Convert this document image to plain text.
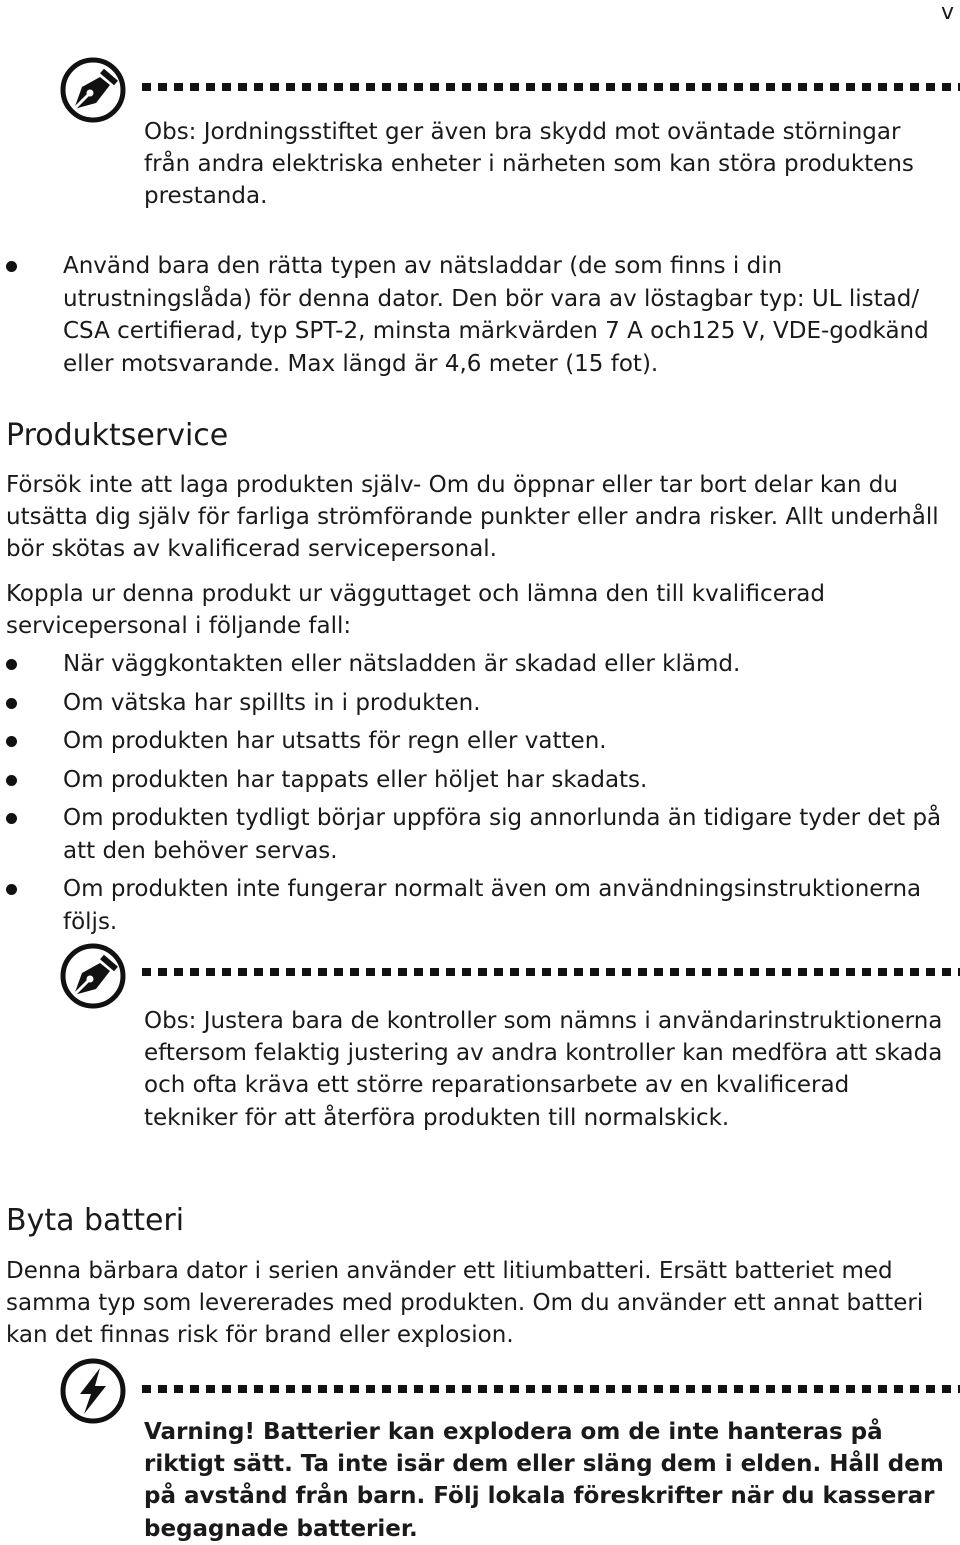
v
Obs: Jordningsstiftet ger även bra skydd mot oväntade störningar från andra elektriska enheter i närheten som kan störa produktens prestanda.
Använd bara den rätta typen av nätsladdar (de som finns i din utrustningslåda) för denna dator. Den bör vara av löstagbar typ: UL listad/ CSA certifierad, typ SPT-2, minsta märkvärden 7 A och125 V, VDE-godkänd eller motsvarande. Max längd är 4,6 meter (15 fot).
Produktservice

Försök inte att laga produkten själv- Om du öppnar eller tar bort delar kan du utsätta dig själv för farliga strömförande punkter eller andra risker. Allt underhåll bör skötas av kvalificerad servicepersonal.

Koppla ur denna produkt ur vägguttaget och lämna den till kvalificerad servicepersonal i följande fall:

När väggkontakten eller nätsladden är skadad eller klämd.
Om vätska har spillts in i produkten.
Om produkten har utsatts för regn eller vatten.
Om produkten har tappats eller höljet har skadats.
Om produkten tydligt börjar uppföra sig annorlunda än tidigare tyder det på att den behöver servas.
Om produkten inte fungerar normalt även om användningsinstruktionerna följs.
Obs: Justera bara de kontroller som nämns i användarinstruktionerna eftersom felaktig justering av andra kontroller kan medföra att skada och ofta kräva ett större reparationsarbete av en kvalificerad tekniker för att återföra produkten till normalskick.
Byta batteri

Denna bärbara dator i serien använder ett litiumbatteri. Ersätt batteriet med samma typ som levererades med produkten. Om du använder ett annat batteri kan det finnas risk för brand eller explosion.

Varning! Batterier kan explodera om de inte hanteras på riktigt sätt. Ta inte isär dem eller släng dem i elden. Håll dem på avstånd från barn. Följ lokala föreskrifter när du kasserar begagnade batterier.
